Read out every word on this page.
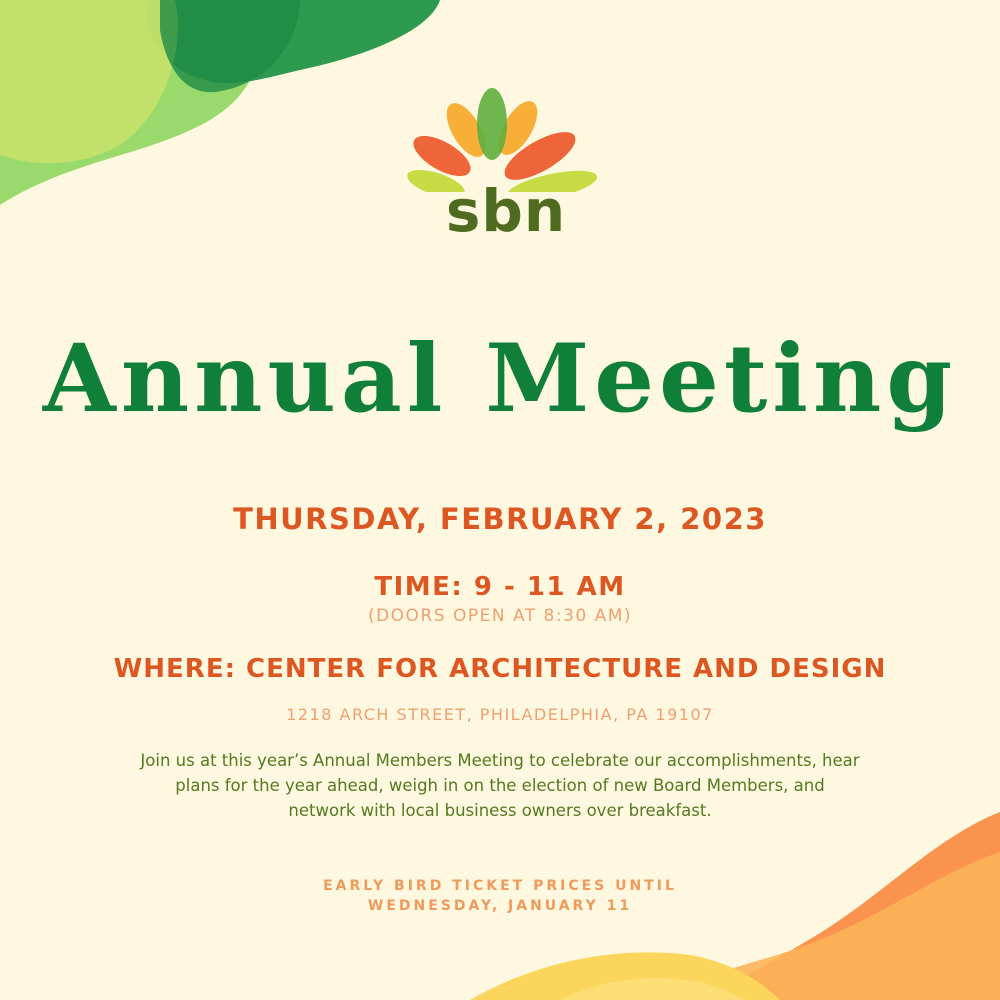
sbn
Annual Meeting
THURSDAY, FEBRUARY 2, 2023
TIME: 9 - 11 AM
(DOORS OPEN AT 8:30 AM)
WHERE: CENTER FOR ARCHITECTURE AND DESIGN
1218 ARCH STREET, PHILADELPHIA, PA 19107
Join us at this year’s Annual Members Meeting to celebrate our accomplishments, hear plans for the year ahead, weigh in on the election of new Board Members, and network with local business owners over breakfast.
EARLY BIRD TICKET PRICES UNTIL
WEDNESDAY, JANUARY 11
